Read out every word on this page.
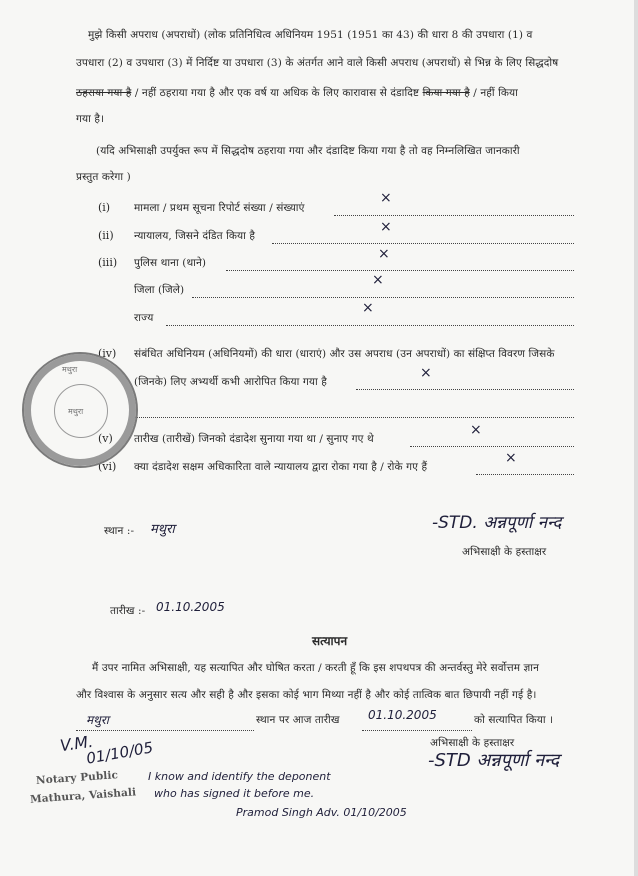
मुझे किसी अपराध (अपराधों) (लोक प्रतिनिधित्व अधिनियम 1951 (1951 का 43) की धारा 8 की उपधारा (1) व
उपधारा (2) व उपधारा (3) में निर्दिष्ट या उपधारा (3) के अंतर्गत आने वाले किसी अपराध (अपराधों) से भिन्न के लिए सिद्धदोष
ठहराया गया है / नहीं ठहराया गया है और एक वर्ष या अधिक के लिए कारावास से दंडादिष्ट किया गया है / नहीं किया
गया है।
(यदि अभिसाक्षी उपर्युक्त रूप में सिद्धदोष ठहराया गया और दंडादिष्ट किया गया है तो वह निम्नलिखित जानकारी
प्रस्तुत करेगा )
(i) मामला / प्रथम सूचना रिपोर्ट संख्या / संख्याएं
×
(ii) न्यायालय, जिसने दंडित किया है
×
(iii) पुलिस थाना (थाने)
×
जिला (जिले)
×
राज्य
×
(iv) संबंधित अधिनियम (अधिनियमों) की धारा (धाराएं) और उस अपराध (उन अपराधों) का संक्षिप्त विवरण जिसके
(जिनके) लिए अभ्यर्थी कभी आरोपित किया गया है
×
(v) तारीख (तारीखें) जिनको दंडादेश सुनाया गया था / सुनाए गए थे
×
(vi) क्या दंडादेश सक्षम अधिकारिता वाले न्यायालय द्वारा रोका गया है / रोके गए हैं
×
मथुरा
मथुरा
स्थान :- मथुरा	-STD. अन्नपूर्णा नन्द
अभिसाक्षी के हस्ताक्षर
तारीख :- 01.10.2005
सत्यापन
मैं उपर नामित अभिसाक्षी, यह सत्यापित और घोषित करता / करती हूँ कि इस शपथपत्र की अन्तर्वस्तु मेरे सर्वोत्तम ज्ञान
और विश्वास के अनुसार सत्य और सही है और इसका कोई भाग मिथ्या नहीं है और कोई तात्विक बात छिपायी नहीं गई है।
मथुरा	स्थान पर आज तारीख 01.10.2005	को सत्यापित किया ।
अभिसाक्षी के हस्ताक्षर
-STD अन्नपूर्णा नन्द
V.M.
01/10/05
Notary Public
Mathura, Vaishali
I know and identify the deponent
who has signed it before me.
Pramod Singh Adv. 01/10/2005
